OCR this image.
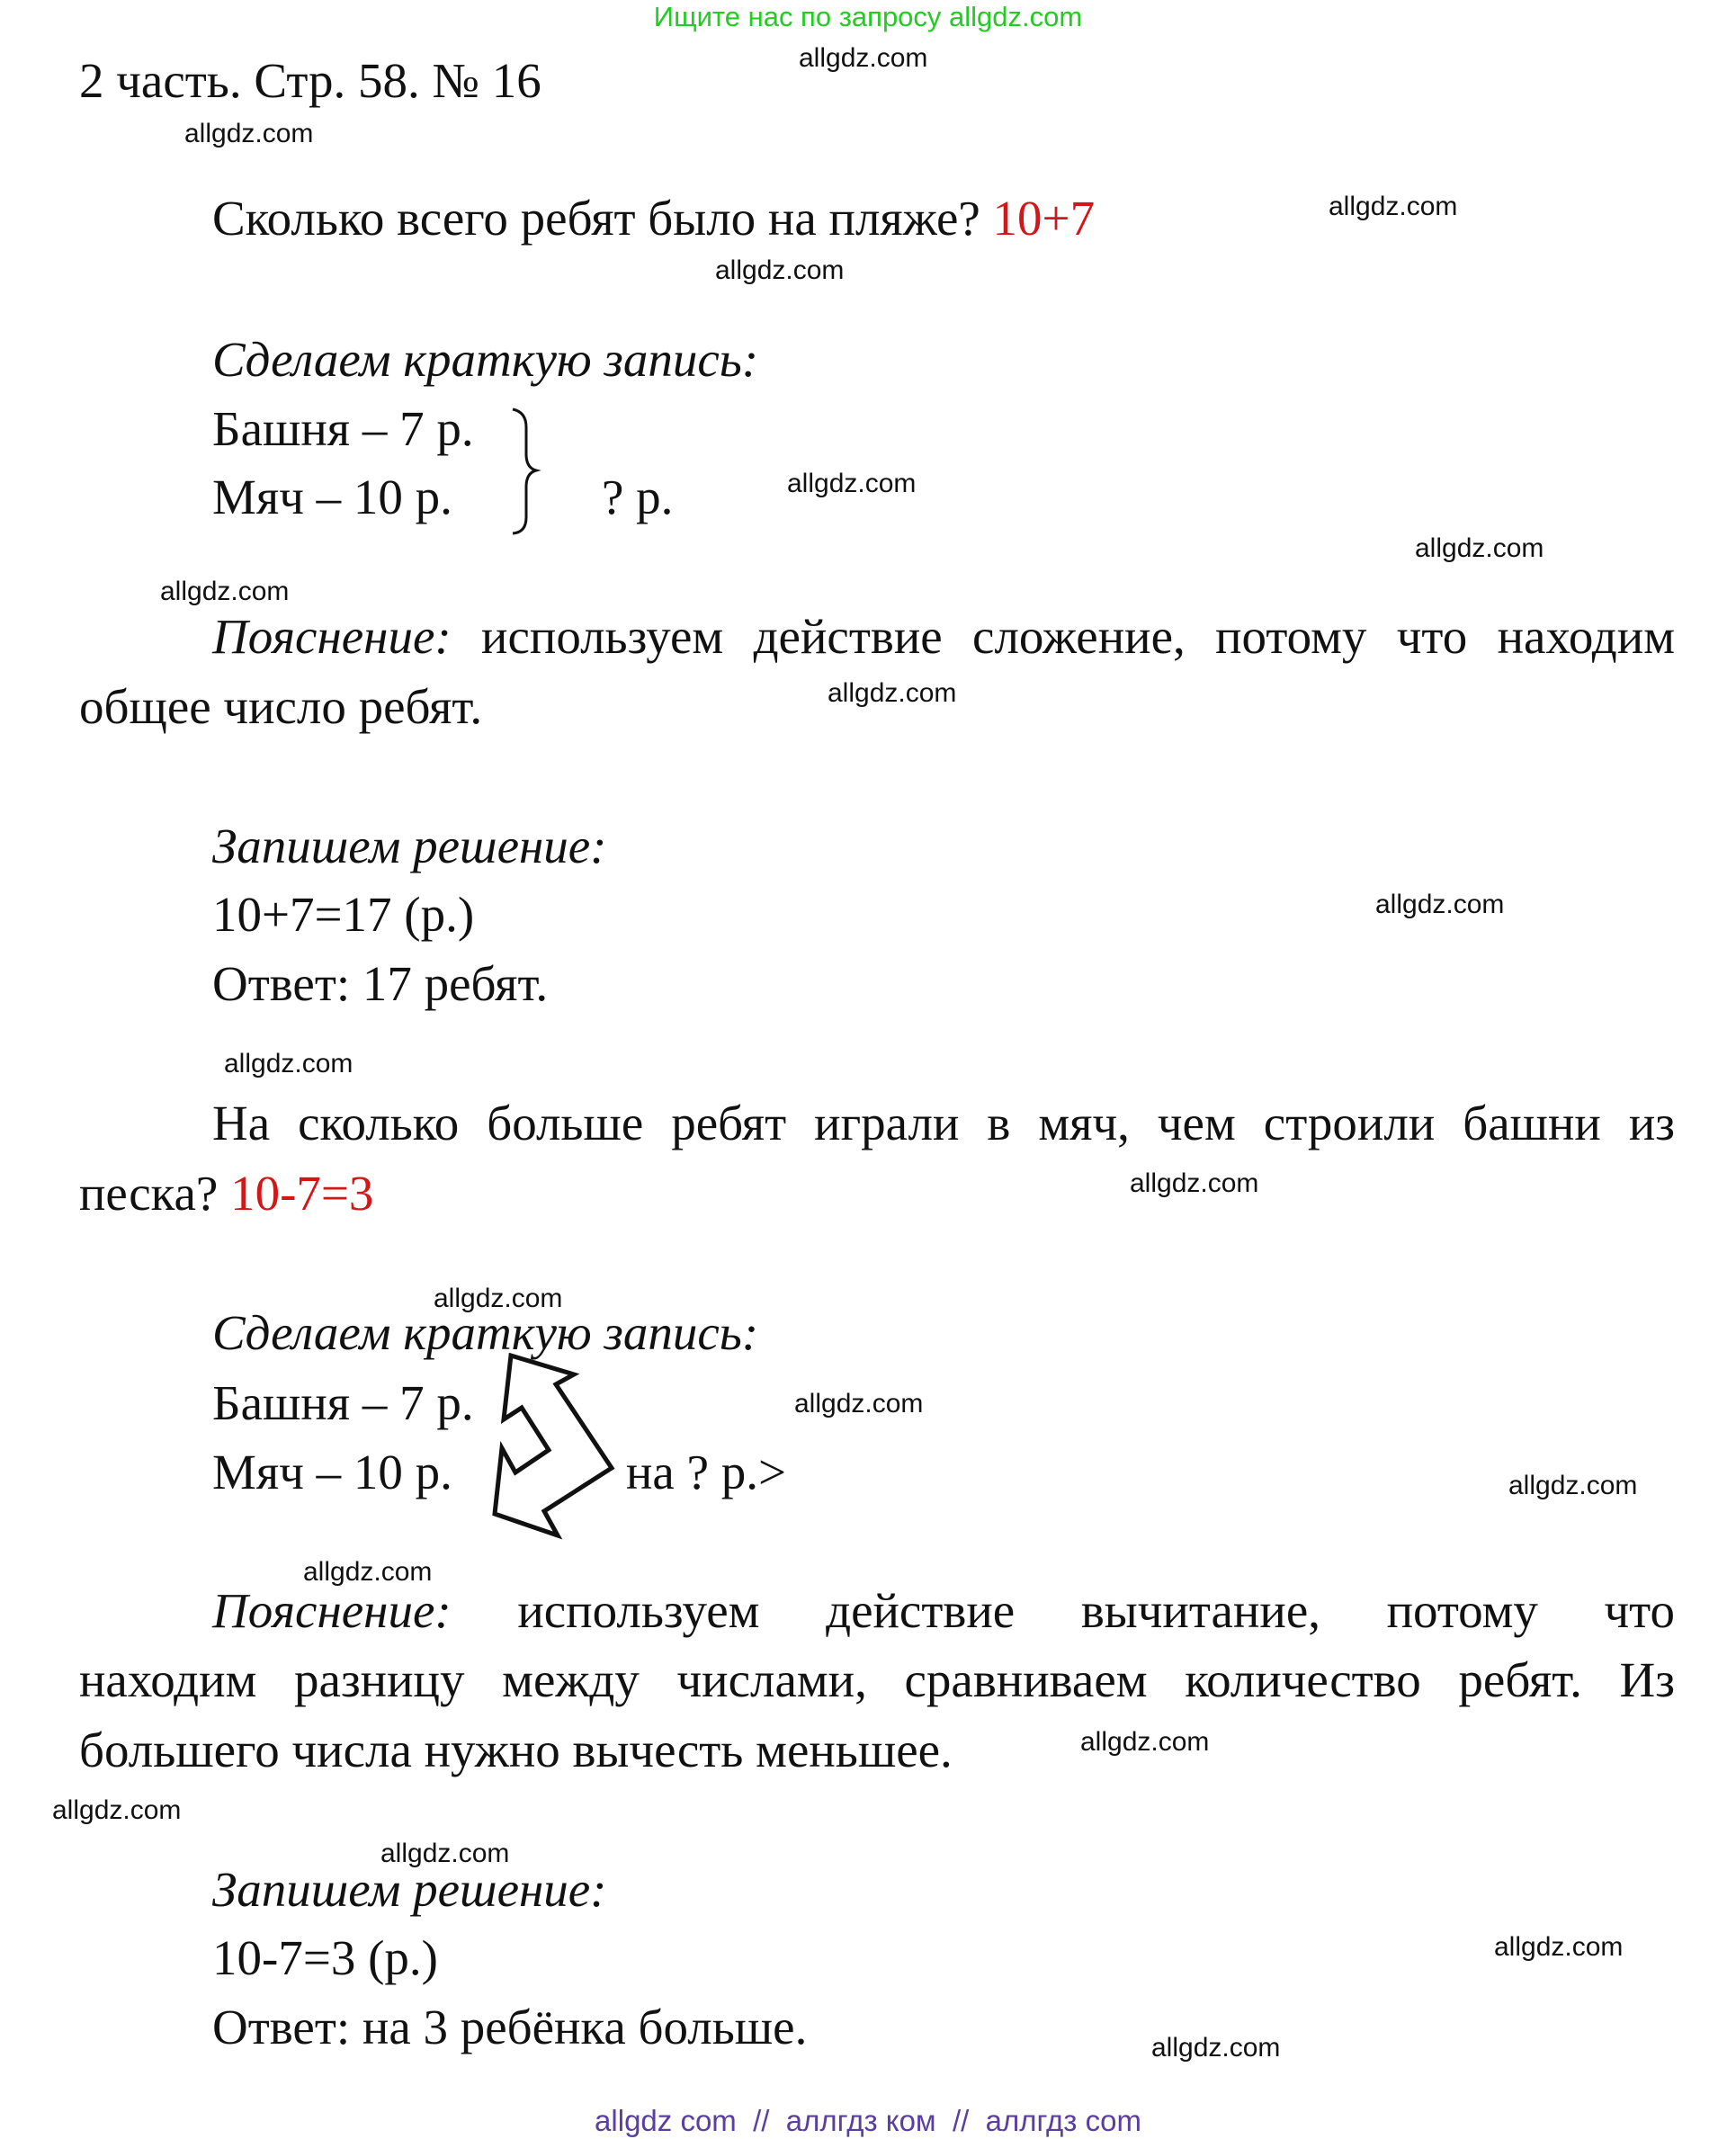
Ищите нас по запросу allgdz.com
2 часть. Стр. 58. № 16
Сколько всего ребят было на пляже? 10+7
Сделаем краткую запись:
Башня – 7 р.
Мяч – 10 р.	? р.
Пояснение: используем действие сложение, потому что находим
общее число ребят.
Запишем решение:
10+7=17 (р.)
Ответ: 17 ребят.
На сколько больше ребят играли в мяч, чем строили башни из
песка? 10-7=3
Сделаем краткую запись:
Башня – 7 р.
Мяч – 10 р.	на ? р.>
Пояснение: используем действие вычитание, потому что
находим разницу между числами, сравниваем количество ребят. Из
большего числа нужно вычесть меньшее.
Запишем решение:
10-7=3 (р.)
Ответ: на 3 ребёнка больше.
allgdz.com
allgdz.com
allgdz.com
allgdz.com
allgdz.com
allgdz.com
allgdz.com
allgdz.com
allgdz.com
allgdz.com
allgdz.com
allgdz.com
allgdz.com
allgdz.com
allgdz.com
allgdz.com
allgdz.com
allgdz.com
allgdz.com
allgdz.com
allgdz com  //  аллгдз ком  //  аллгдз com
